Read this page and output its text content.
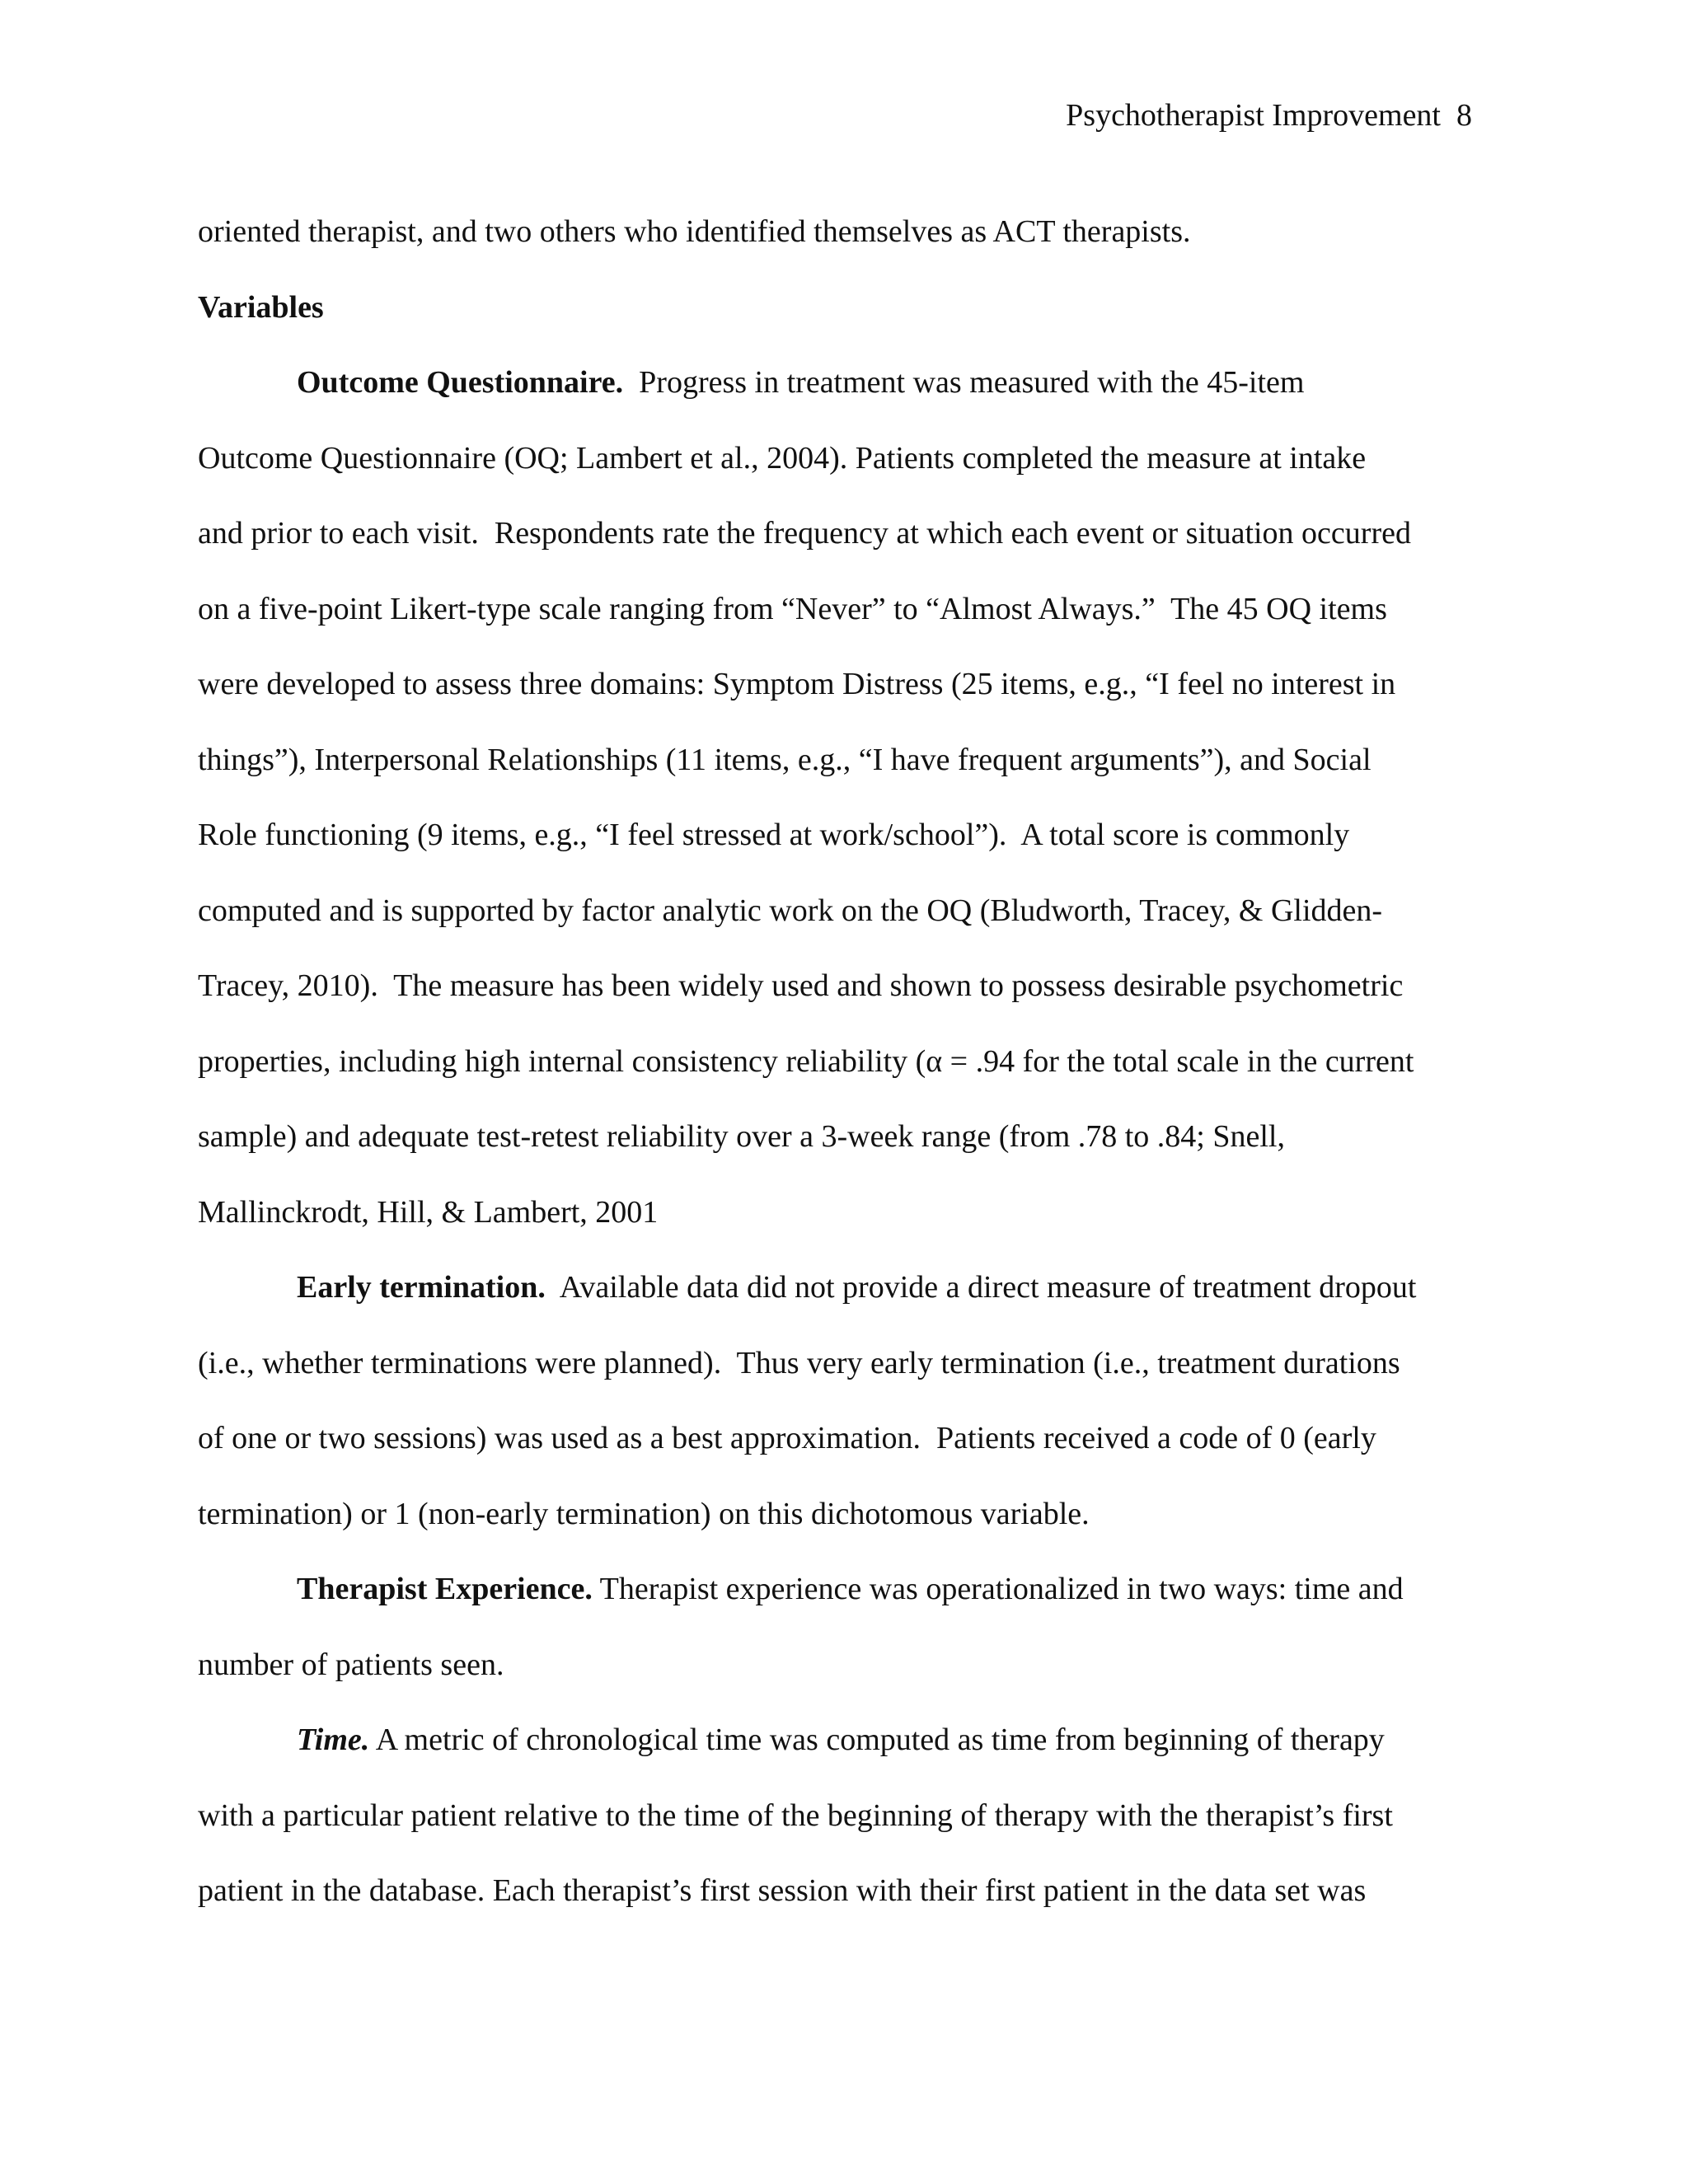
Psychotherapist Improvement 8

oriented therapist, and two others who identified themselves as ACT therapists.

Variables

Outcome Questionnaire.  Progress in treatment was measured with the 45-item

Outcome Questionnaire (OQ; Lambert et al., 2004). Patients completed the measure at intake

and prior to each visit.  Respondents rate the frequency at which each event or situation occurred

on a five-point Likert-type scale ranging from “Never” to “Almost Always.”  The 45 OQ items

were developed to assess three domains: Symptom Distress (25 items, e.g., “I feel no interest in

things”), Interpersonal Relationships (11 items, e.g., “I have frequent arguments”), and Social

Role functioning (9 items, e.g., “I feel stressed at work/school”).  A total score is commonly

computed and is supported by factor analytic work on the OQ (Bludworth, Tracey, & Glidden-

Tracey, 2010).  The measure has been widely used and shown to possess desirable psychometric

properties, including high internal consistency reliability (α = .94 for the total scale in the current

sample) and adequate test-retest reliability over a 3-week range (from .78 to .84; Snell,

Mallinckrodt, Hill, & Lambert, 2001

Early termination.  Available data did not provide a direct measure of treatment dropout

(i.e., whether terminations were planned).  Thus very early termination (i.e., treatment durations

of one or two sessions) was used as a best approximation.  Patients received a code of 0 (early

termination) or 1 (non-early termination) on this dichotomous variable.

Therapist Experience. Therapist experience was operationalized in two ways: time and

number of patients seen.

Time. A metric of chronological time was computed as time from beginning of therapy

with a particular patient relative to the time of the beginning of therapy with the therapist’s first

patient in the database. Each therapist’s first session with their first patient in the data set was
